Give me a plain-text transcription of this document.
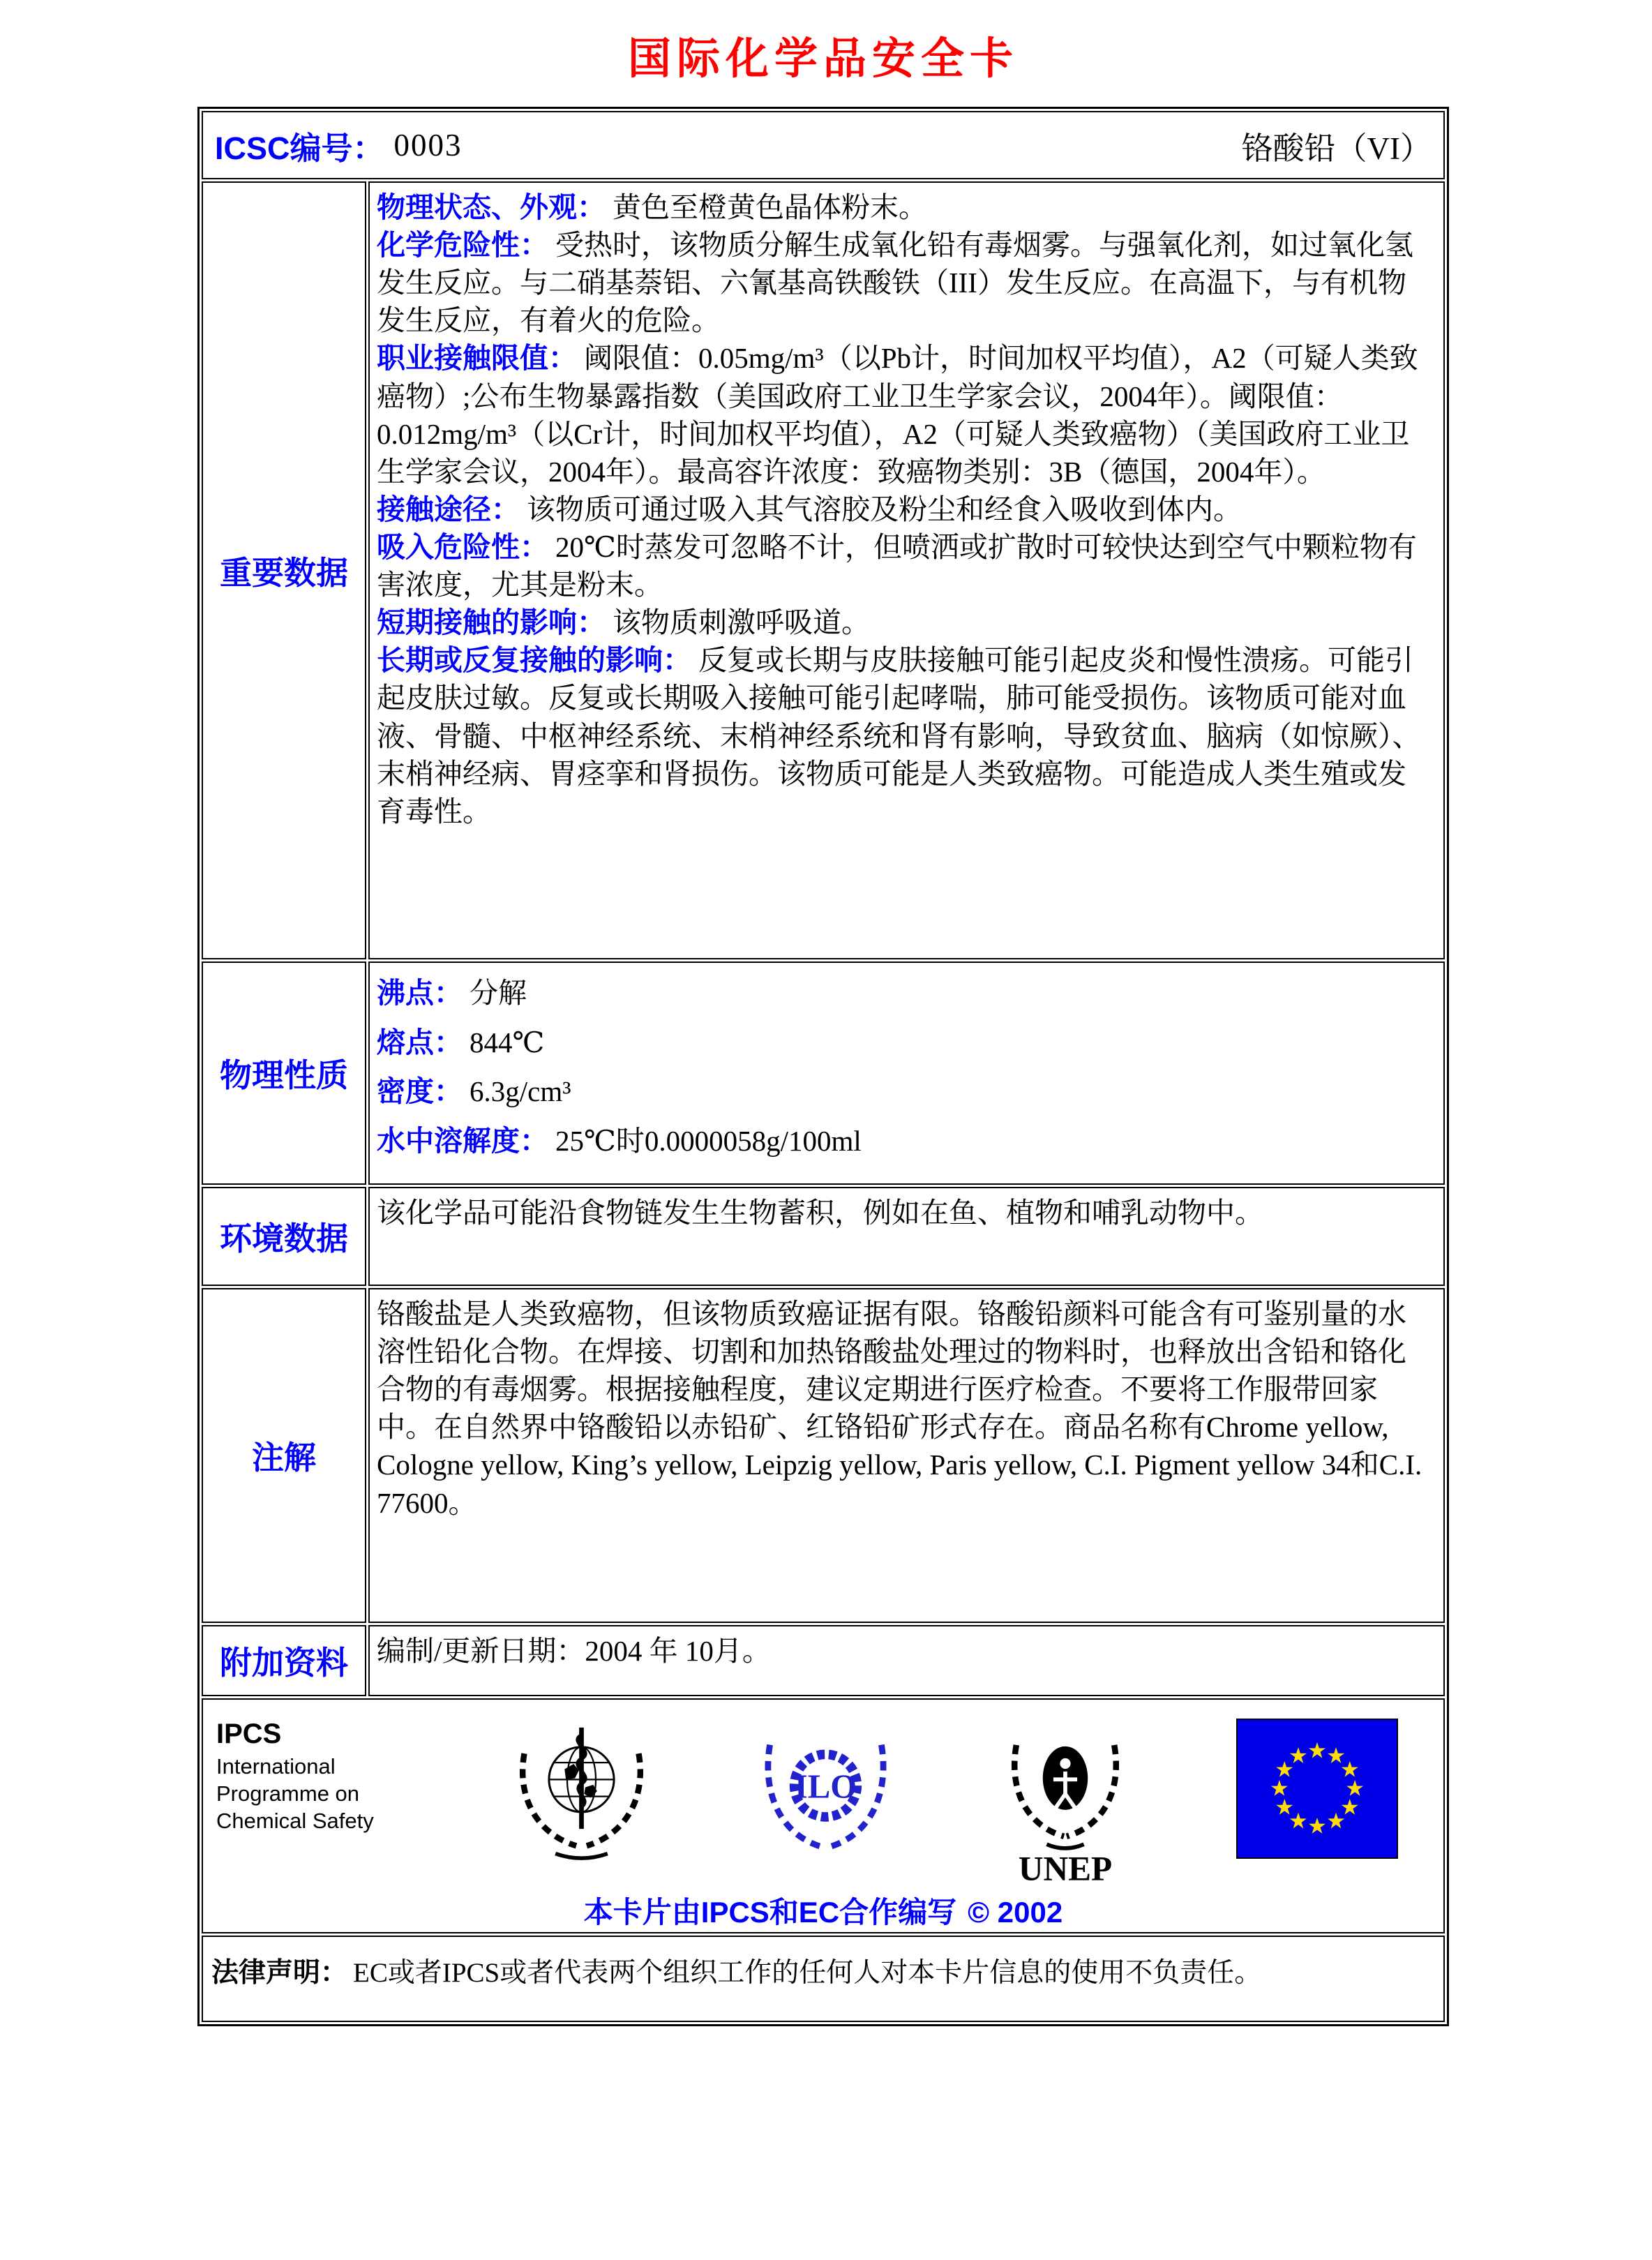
国际化学品安全卡
ICSC编号： 0003 铬酸铅（VI）	

重要数据	

物理状态、外观： 黄色至橙黄色晶体粉末。

化学危险性： 受热时，该物质分解生成氧化铅有毒烟雾。与强氧化剂，如过氧化氢发生反应。与二硝基萘铝、六氰基高铁酸铁（III）发生反应。在高温下，与有机物发生反应，有着火的危险。

职业接触限值： 阈限值：0.05mg/m³（以Pb计，时间加权平均值），A2（可疑人类致癌物）;公布生物暴露指数（美国政府工业卫生学家会议，2004年）。阈限值：0.012mg/m³（以Cr计，时间加权平均值），A2（可疑人类致癌物）（美国政府工业卫生学家会议，2004年）。最高容许浓度：致癌物类别：3B（德国，2004年）。

接触途径： 该物质可通过吸入其气溶胶及粉尘和经食入吸收到体内。

吸入危险性： 20℃时蒸发可忽略不计，但喷洒或扩散时可较快达到空气中颗粒物有害浓度，尤其是粉末。

短期接触的影响： 该物质刺激呼吸道。

长期或反复接触的影响： 反复或长期与皮肤接触可能引起皮炎和慢性溃疡。可能引起皮肤过敏。反复或长期吸入接触可能引起哮喘，肺可能受损伤。该物质可能对血液、骨髓、中枢神经系统、末梢神经系统和肾有影响，导致贫血、脑病（如惊厥）、末梢神经病、胃痉挛和肾损伤。该物质可能是人类致癌物。可能造成人类生殖或发育毒性。

物理性质	沸点： 分解

熔点： 844℃

密度： 6.3g/cm³

水中溶解度： 25℃时0.0000058g/100ml

环境数据	该化学品可能沿食物链发生生物蓄积，例如在鱼、植物和哺乳动物中。

注解	铬酸盐是人类致癌物，但该物质致癌证据有限。铬酸铅颜料可能含有可鉴别量的水溶性铅化合物。在焊接、切割和加热铬酸盐处理过的物料时，也释放出含铅和铬化合物的有毒烟雾。根据接触程度，建议定期进行医疗检查。不要将工作服带回家中。在自然界中铬酸铅以赤铅矿、红铬铅矿形式存在。商品名称有Chrome yellow, Cologne yellow, King’s yellow, Leipzig yellow, Paris yellow, C.I. Pigment yellow 34和C.I. 77600。

附加资料	编制/更新日期：2004 年 10月。

IPCS
International Programme on Chemical Safety
ILO
UNEP
本卡片由IPCS和EC合作编写 © 2002	

法律声明： EC或者IPCS或者代表两个组织工作的任何人对本卡片信息的使用不负责任。	
